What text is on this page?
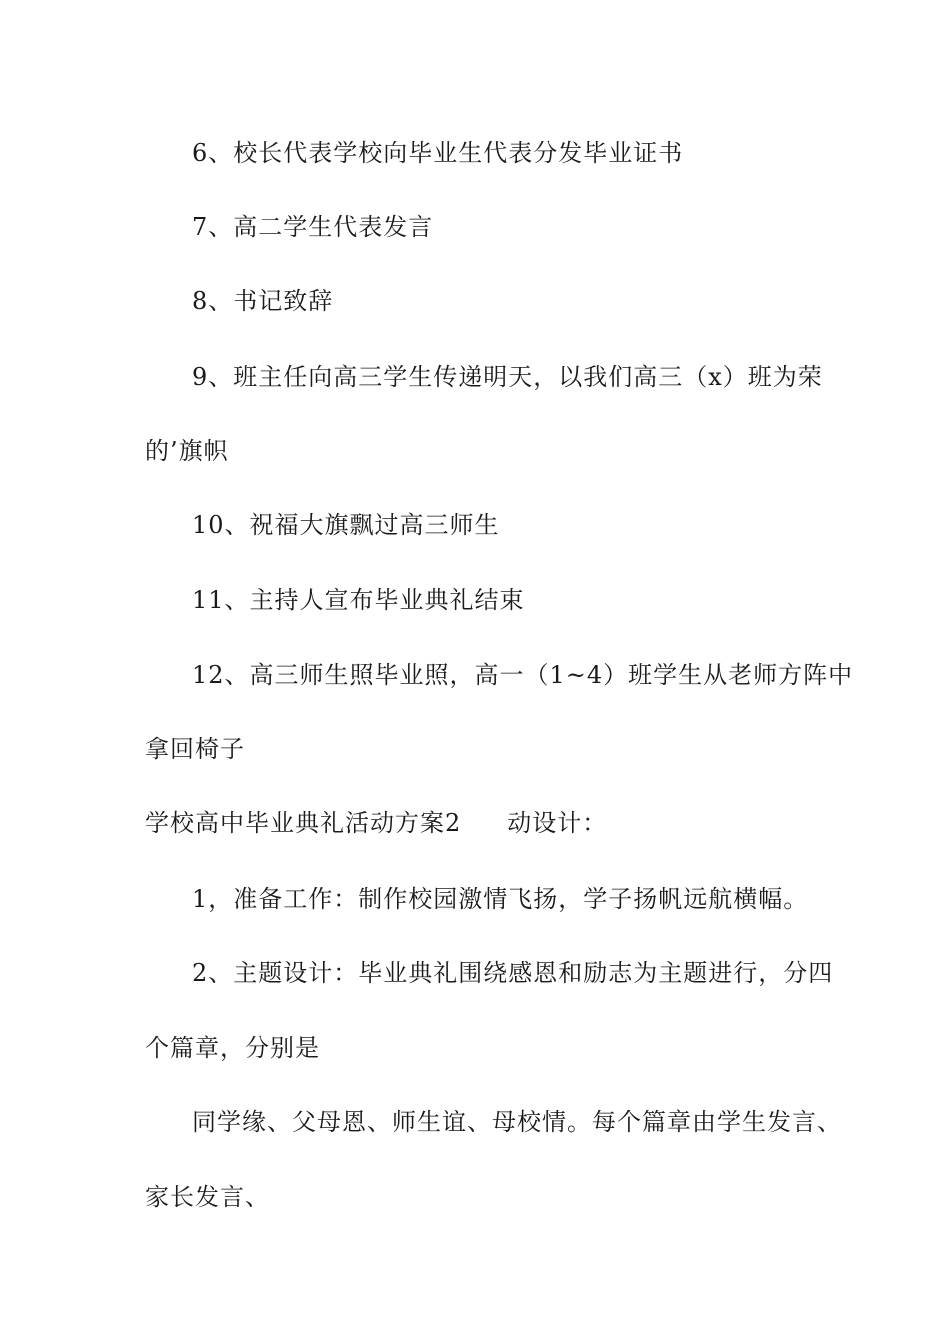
6、校长代表学校向毕业生代表分发毕业证书
7、高二学生代表发言
8、书记致辞
9、班主任向高三学生传递明天，以我们高三（x）班为荣
的’旗帜
10、祝福大旗飘过高三师生
11、主持人宣布毕业典礼结束
12、高三师生照毕业照，高一（1~4）班学生从老师方阵中
拿回椅子
学校高中毕业典礼活动方案2 动设计：
1，准备工作：制作校园激情飞扬，学子扬帆远航横幅。
2、主题设计：毕业典礼围绕感恩和励志为主题进行，分四
个篇章，分别是
同学缘、父母恩、师生谊、母校情。每个篇章由学生发言、
家长发言、
